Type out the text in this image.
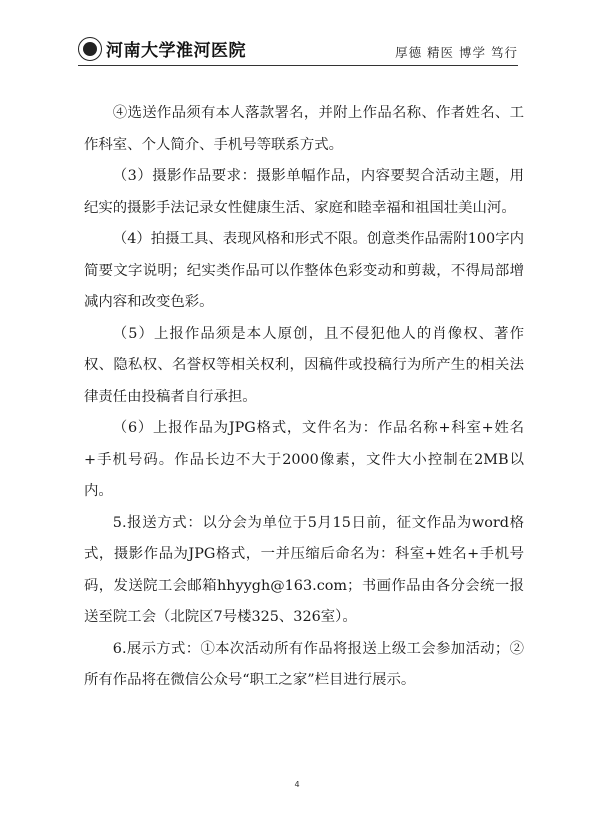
河南大学淮河医院	厚德 精医 博学 笃行

④选送作品须有本人落款署名，并附上作品名称、作者姓名、工作科室、个人简介、手机号等联系方式。

（3）摄影作品要求：摄影单幅作品，内容要契合活动主题，用纪实的摄影手法记录女性健康生活、家庭和睦幸福和祖国壮美山河。

（4）拍摄工具、表现风格和形式不限。创意类作品需附100字内简要文字说明；纪实类作品可以作整体色彩变动和剪裁，不得局部增减内容和改变色彩。

（5）上报作品须是本人原创，且不侵犯他人的肖像权、著作权、隐私权、名誉权等相关权利，因稿件或投稿行为所产生的相关法律责任由投稿者自行承担。

（6）上报作品为JPG格式，文件名为：作品名称+科室+姓名+手机号码。作品长边不大于2000像素，文件大小控制在2MB以内。

5.报送方式：以分会为单位于5月15日前，征文作品为word格式，摄影作品为JPG格式，一并压缩后命名为：科室+姓名+手机号码，发送院工会邮箱hhyygh@163.com；书画作品由各分会统一报送至院工会（北院区7号楼325、326室）。

6.展示方式：①本次活动所有作品将报送上级工会参加活动；②所有作品将在微信公众号“职工之家”栏目进行展示。

4
